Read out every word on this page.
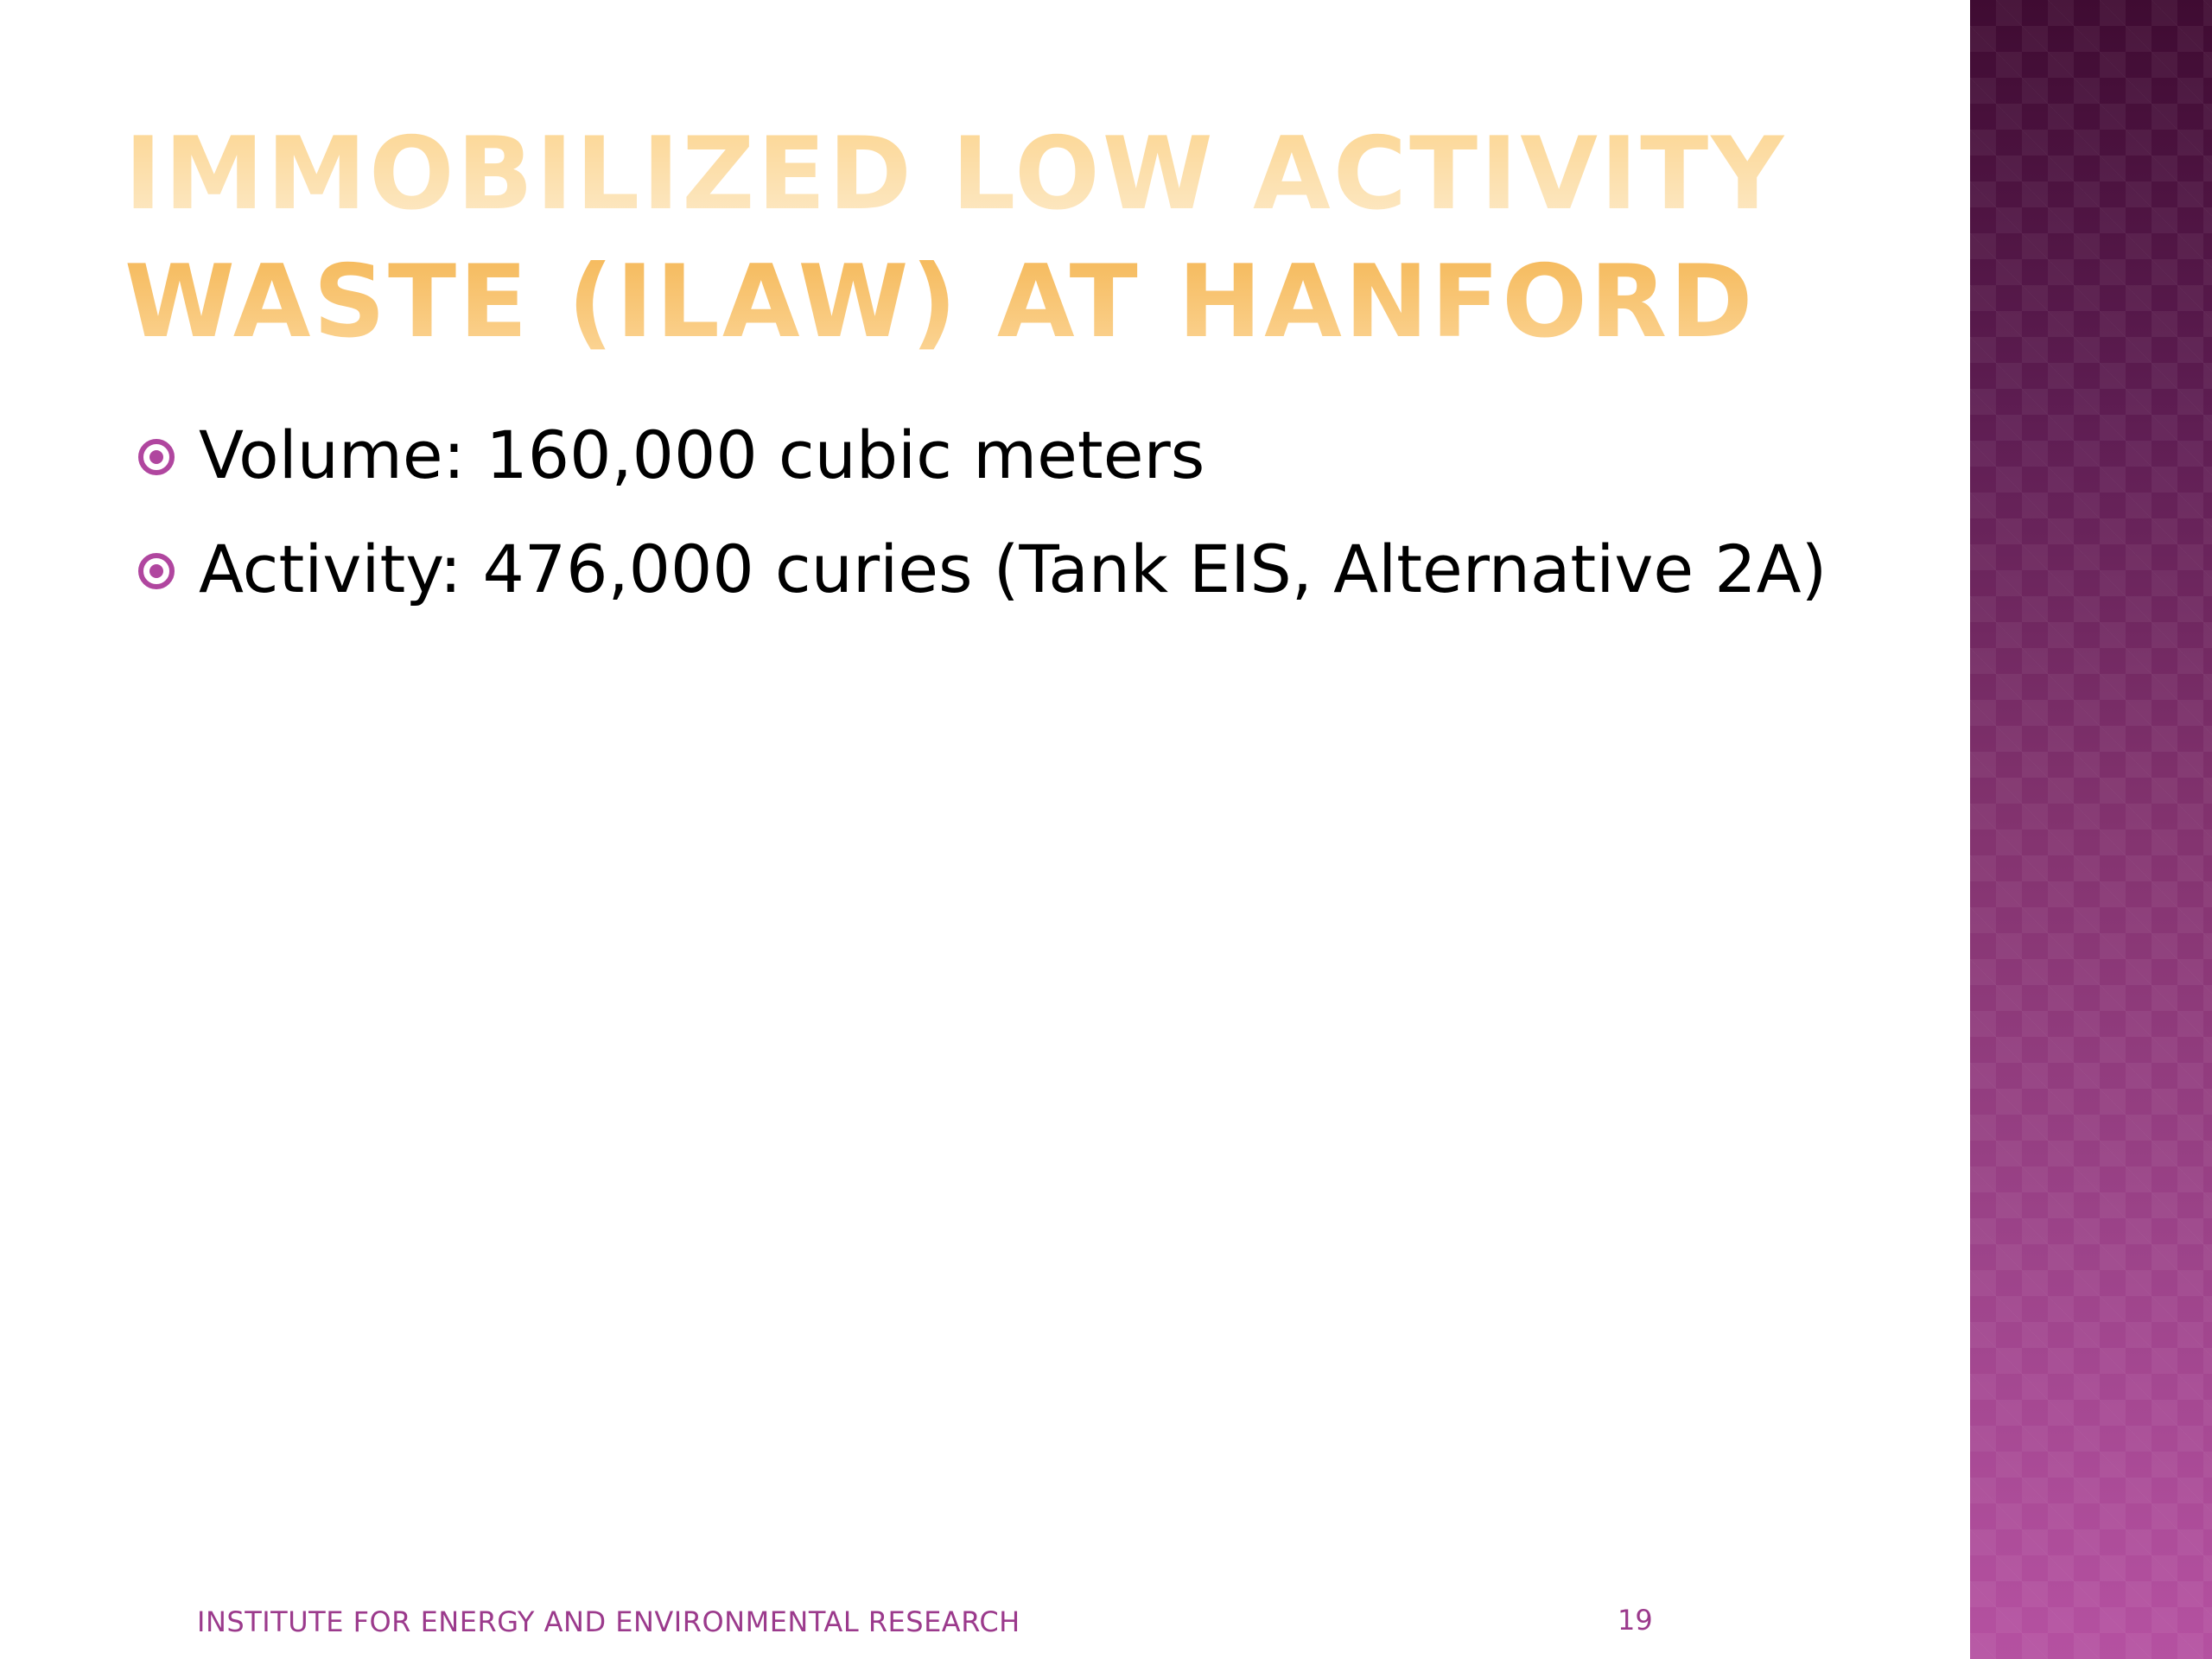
IMMOBILIZED LOW ACTIVITY WASTE (ILAW) AT HANFORD
Volume: 160,000 cubic meters
Activity: 476,000 curies (Tank EIS, Alternative 2A)
INSTITUTE FOR ENERGY AND ENVIRONMENTAL RESEARCH	19
